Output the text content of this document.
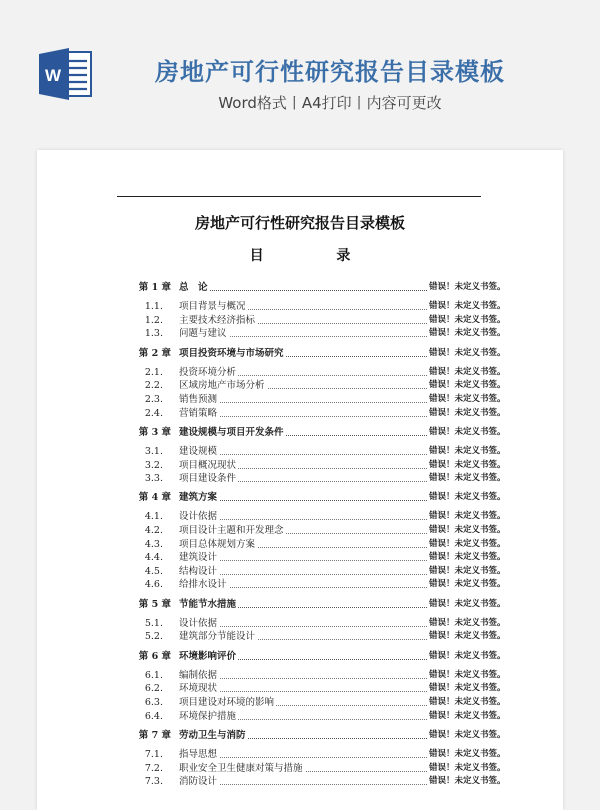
W	房地产可行性研究报告目录模板
Word格式丨A4打印丨内容可更改
房地产可行性研究报告目录模板
目 录
第 1 章 总　论	错误！未定义书签。
1.1. 项目背景与概况	错误！未定义书签。
1.2. 主要技术经济指标	错误！未定义书签。
1.3. 问题与建议	错误！未定义书签。
第 2 章 项目投资环境与市场研究	错误！未定义书签。
2.1. 投资环境分析	错误！未定义书签。
2.2. 区域房地产市场分析	错误！未定义书签。
2.3. 销售预测	错误！未定义书签。
2.4. 营销策略	错误！未定义书签。
第 3 章 建设规模与项目开发条件	错误！未定义书签。
3.1. 建设规模	错误！未定义书签。
3.2. 项目概况现状	错误！未定义书签。
3.3. 项目建设条件	错误！未定义书签。
第 4 章 建筑方案	错误！未定义书签。
4.1. 设计依据	错误！未定义书签。
4.2. 项目设计主题和开发理念	错误！未定义书签。
4.3. 项目总体规划方案	错误！未定义书签。
4.4. 建筑设计	错误！未定义书签。
4.5. 结构设计	错误！未定义书签。
4.6. 给排水设计	错误！未定义书签。
第 5 章 节能节水措施	错误！未定义书签。
5.1. 设计依据	错误！未定义书签。
5.2. 建筑部分节能设计	错误！未定义书签。
第 6 章 环境影响评价	错误！未定义书签。
6.1. 编制依据	错误！未定义书签。
6.2. 环境现状	错误！未定义书签。
6.3. 项目建设对环境的影响	错误！未定义书签。
6.4. 环境保护措施	错误！未定义书签。
第 7 章 劳动卫生与消防	错误！未定义书签。
7.1. 指导思想	错误！未定义书签。
7.2. 职业安全卫生健康对策与措施	错误！未定义书签。
7.3. 消防设计	错误！未定义书签。
